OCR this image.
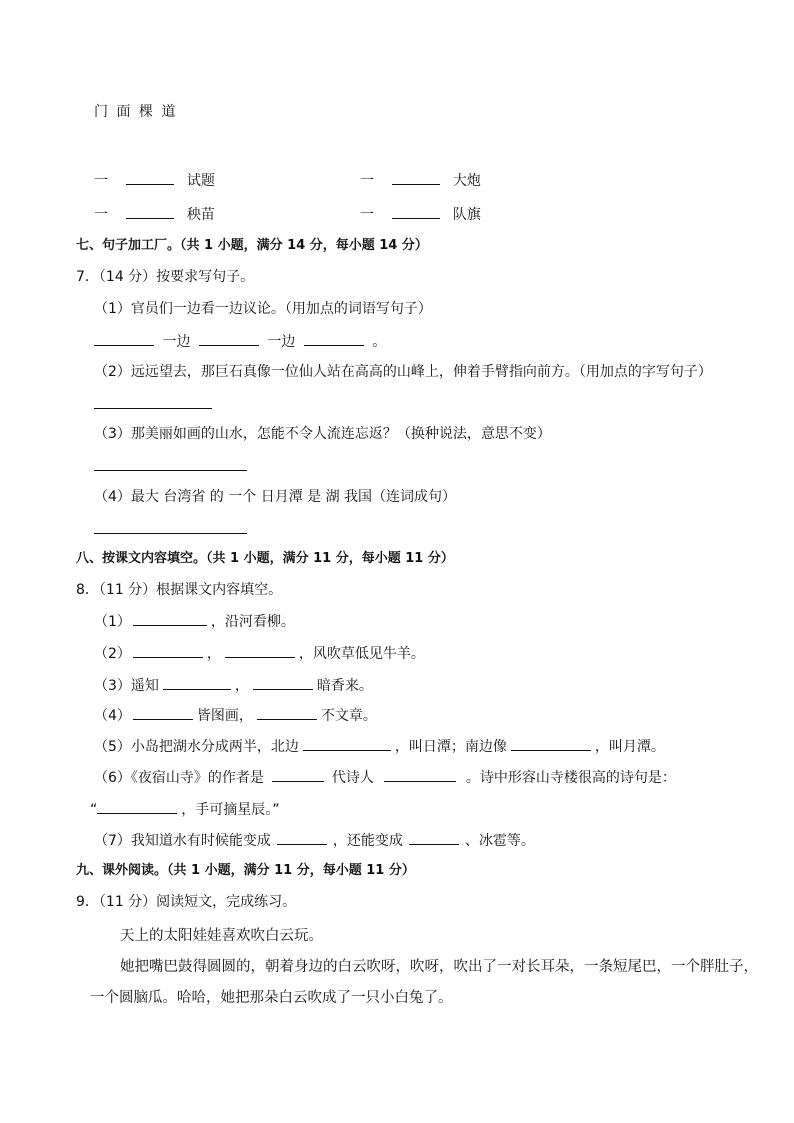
门 面 棵 道
一	试题	一	大炮
一	秧苗	一	队旗
七、句子加工厂。（共 1 小题，满分 14 分，每小题 14 分）
7．（14 分）按要求写句子。
（1）官员们一边看一边议论。（用加点的词语写句子）
一边	一边	。
（2）远远望去，那巨石真像一位仙人站在高高的山峰上，伸着手臂指向前方。（用加点的字写句子）
（3）那美丽如画的山水，怎能不令人流连忘返？（换种说法，意思不变）
（4）最大 台湾省 的 一个 日月潭 是 湖 我国（连词成句）
八、按课文内容填空。（共 1 小题，满分 11 分，每小题 11 分）
8．（11 分）根据课文内容填空。
（1）	，沿河看柳。
（2）	，	，风吹草低见牛羊。
（3）遥知	，	暗香来。
（4）	皆图画，	不文章。
（5）小岛把湖水分成两半，北边	，叫日潭；南边像	，叫月潭。
（6）《夜宿山寺》的作者是	代诗人	。诗中形容山寺楼很高的诗句是：
“	，手可摘星辰。”
（7）我知道水有时候能变成	，还能变成	、冰雹等。
九、课外阅读。（共 1 小题，满分 11 分，每小题 11 分）
9．（11 分）阅读短文，完成练习。
天上的太阳娃娃喜欢吹白云玩。
她把嘴巴鼓得圆圆的，朝着身边的白云吹呀，吹呀，吹出了一对长耳朵，一条短尾巴，一个胖肚子，
一个圆脑瓜。哈哈，她把那朵白云吹成了一只小白兔了。
